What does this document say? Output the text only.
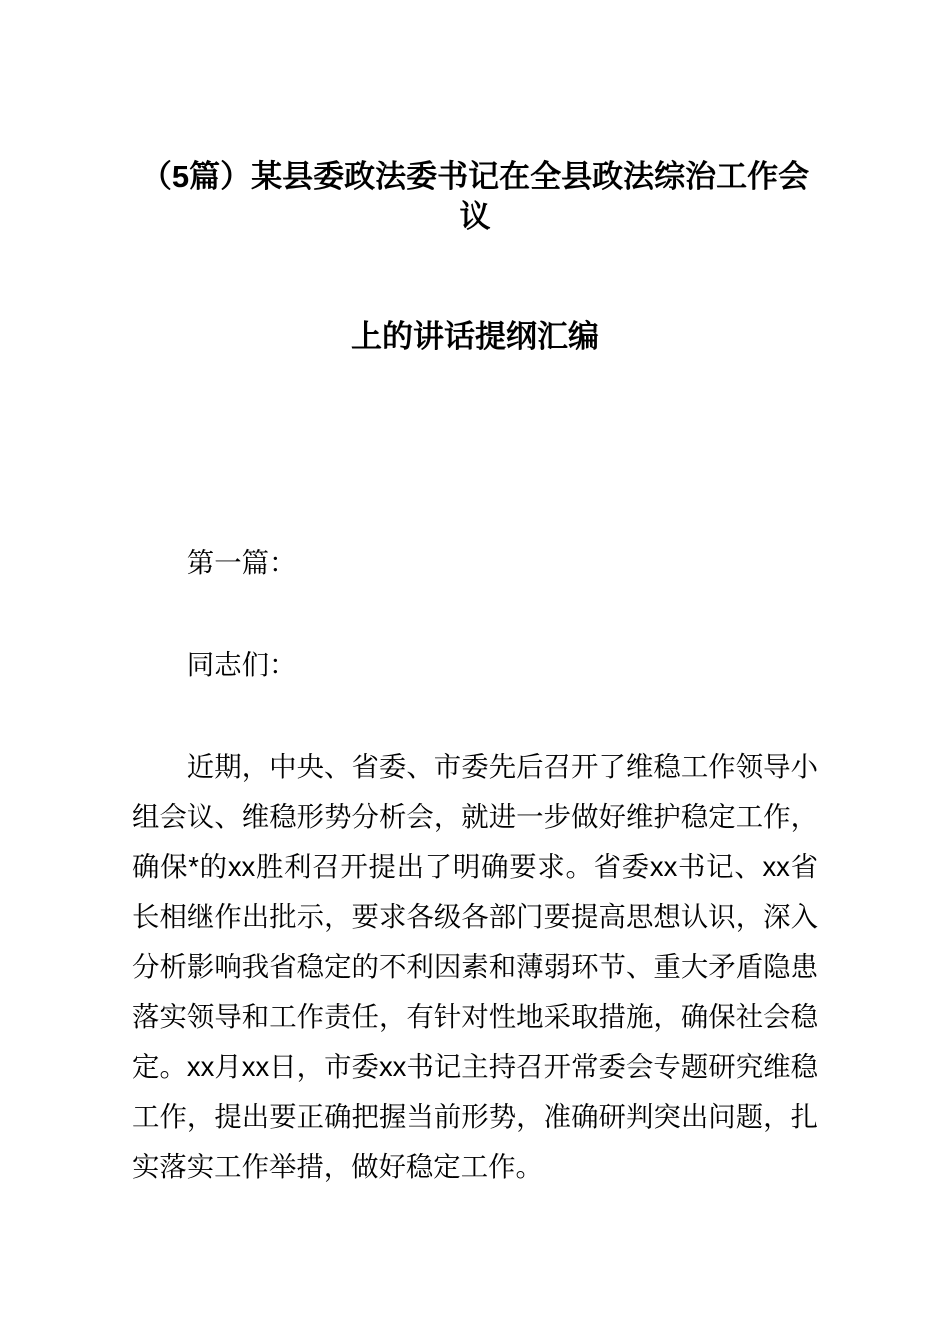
（5篇）某县委政法委书记在全县政法综治工作会议
上的讲话提纲汇编

第一篇：

同志们：

近期，中央、省委、市委先后召开了维稳工作领导小组会议、维稳形势分析会，就进一步做好维护稳定工作，确保*的xx胜利召开提出了明确要求。省委xx书记、xx省长相继作出批示，要求各级各部门要提高思想认识，深入分析影响我省稳定的不利因素和薄弱环节、重大矛盾隐患落实领导和工作责任，有针对性地采取措施，确保社会稳定。xx月xx日，市委xx书记主持召开常委会专题研究维稳工作，提出要正确把握当前形势，准确研判突出问题，扎实落实工作举措，做好稳定工作。
